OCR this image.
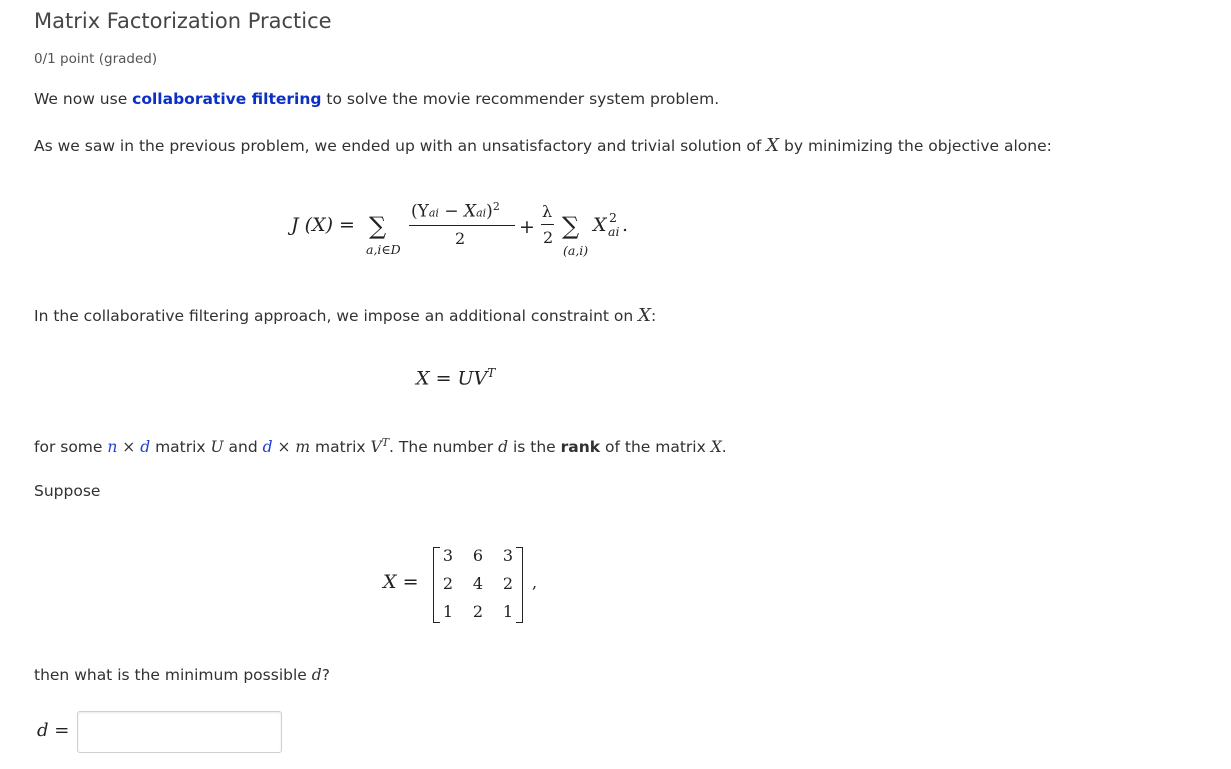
Matrix Factorization Practice
0/1 point (graded)
We now use collaborative filtering to solve the movie recommender system problem.
As we saw in the previous problem, we ended up with an unsatisfactory and trivial solution of X by minimizing the objective alone:
J (X) = ∑
a,i∈D
(Yai − Xai)$^2$
2
+
λ
2 ∑
(a,i)
X 2
ai .
In the collaborative filtering approach, we impose an additional constraint on X:
$X = UV^T$
for some n × d matrix U and d × m matrix $V^T$. The number d is the rank of the matrix X.
Suppose
X =
3 6 3
2 4 2
1 2 1
,
then what is the minimum possible d?
d =
